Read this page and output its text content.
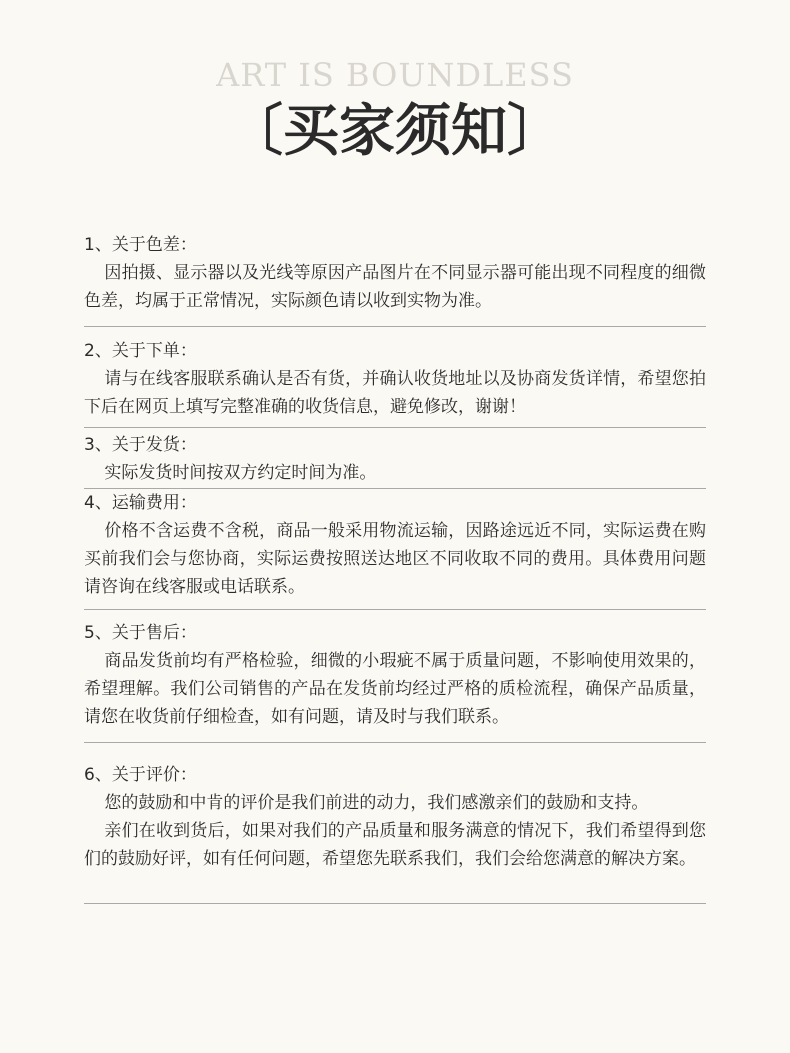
ART IS BOUNDLESS
〔买家须知〕
1、关于色差：

因拍摄、显示器以及光线等原因产品图片在不同显示器可能出现不同程度的细微色差，均属于正常情况，实际颜色请以收到实物为准。

2、关于下单：

请与在线客服联系确认是否有货，并确认收货地址以及协商发货详情，希望您拍下后在网页上填写完整准确的收货信息，避免修改，谢谢！

3、关于发货：

实际发货时间按双方约定时间为准。

4、运输费用：

价格不含运费不含税，商品一般采用物流运输，因路途远近不同，实际运费在购买前我们会与您协商，实际运费按照送达地区不同收取不同的费用。具体费用问题请咨询在线客服或电话联系。

5、关于售后：

商品发货前均有严格检验，细微的小瑕疵不属于质量问题，不影响使用效果的，希望理解。我们公司销售的产品在发货前均经过严格的质检流程，确保产品质量，请您在收货前仔细检查，如有问题，请及时与我们联系。

6、关于评价：

您的鼓励和中肯的评价是我们前进的动力，我们感激亲们的鼓励和支持。

亲们在收到货后，如果对我们的产品质量和服务满意的情况下，我们希望得到您们的鼓励好评，如有任何问题，希望您先联系我们，我们会给您满意的解决方案。
